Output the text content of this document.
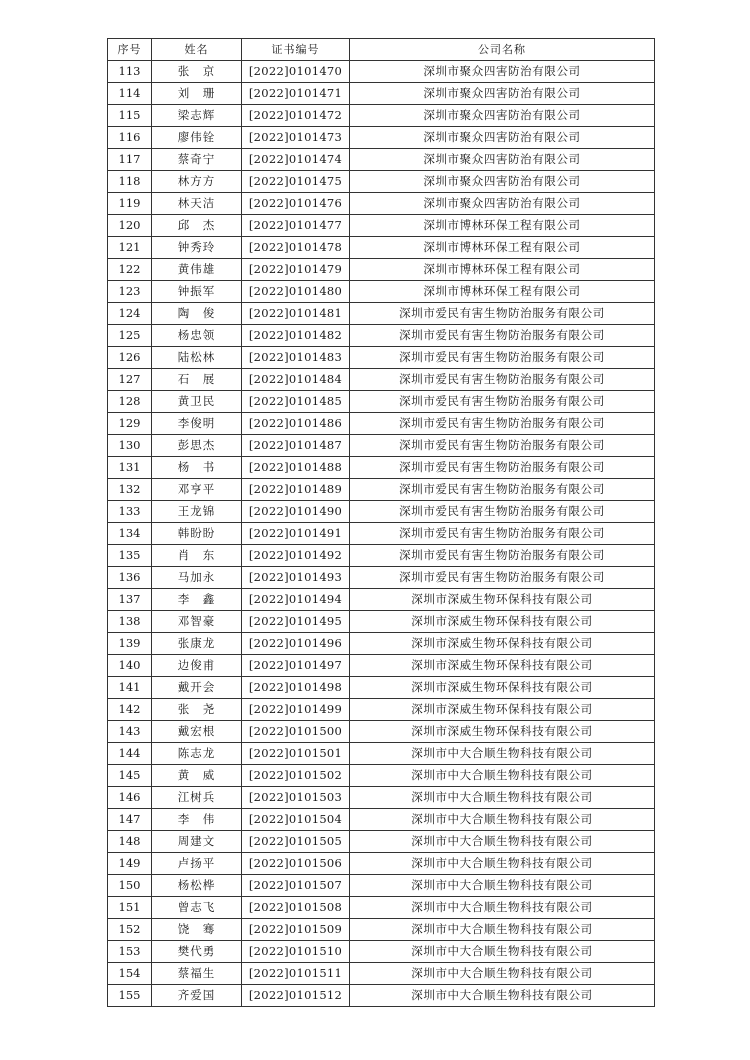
序号	姓名	证书编号	公司名称
113	张　京	[2022]0101470	深圳市聚众四害防治有限公司
114	刘　珊	[2022]0101471	深圳市聚众四害防治有限公司
115	梁志辉	[2022]0101472	深圳市聚众四害防治有限公司
116	廖伟铨	[2022]0101473	深圳市聚众四害防治有限公司
117	蔡奇宁	[2022]0101474	深圳市聚众四害防治有限公司
118	林方方	[2022]0101475	深圳市聚众四害防治有限公司
119	林天洁	[2022]0101476	深圳市聚众四害防治有限公司
120	邱　杰	[2022]0101477	深圳市博林环保工程有限公司
121	钟秀玲	[2022]0101478	深圳市博林环保工程有限公司
122	黄伟雄	[2022]0101479	深圳市博林环保工程有限公司
123	钟振军	[2022]0101480	深圳市博林环保工程有限公司
124	陶　俊	[2022]0101481	深圳市爱民有害生物防治服务有限公司
125	杨忠领	[2022]0101482	深圳市爱民有害生物防治服务有限公司
126	陆松林	[2022]0101483	深圳市爱民有害生物防治服务有限公司
127	石　展	[2022]0101484	深圳市爱民有害生物防治服务有限公司
128	黄卫民	[2022]0101485	深圳市爱民有害生物防治服务有限公司
129	李俊明	[2022]0101486	深圳市爱民有害生物防治服务有限公司
130	彭思杰	[2022]0101487	深圳市爱民有害生物防治服务有限公司
131	杨　书	[2022]0101488	深圳市爱民有害生物防治服务有限公司
132	邓亨平	[2022]0101489	深圳市爱民有害生物防治服务有限公司
133	王龙锦	[2022]0101490	深圳市爱民有害生物防治服务有限公司
134	韩盼盼	[2022]0101491	深圳市爱民有害生物防治服务有限公司
135	肖　东	[2022]0101492	深圳市爱民有害生物防治服务有限公司
136	马加永	[2022]0101493	深圳市爱民有害生物防治服务有限公司
137	李　鑫	[2022]0101494	深圳市深威生物环保科技有限公司
138	邓智豪	[2022]0101495	深圳市深威生物环保科技有限公司
139	张康龙	[2022]0101496	深圳市深威生物环保科技有限公司
140	边俊甫	[2022]0101497	深圳市深威生物环保科技有限公司
141	戴开会	[2022]0101498	深圳市深威生物环保科技有限公司
142	张　尧	[2022]0101499	深圳市深威生物环保科技有限公司
143	戴宏根	[2022]0101500	深圳市深威生物环保科技有限公司
144	陈志龙	[2022]0101501	深圳市中大合顺生物科技有限公司
145	黄　威	[2022]0101502	深圳市中大合顺生物科技有限公司
146	江树兵	[2022]0101503	深圳市中大合顺生物科技有限公司
147	李　伟	[2022]0101504	深圳市中大合顺生物科技有限公司
148	周建文	[2022]0101505	深圳市中大合顺生物科技有限公司
149	卢扬平	[2022]0101506	深圳市中大合顺生物科技有限公司
150	杨松桦	[2022]0101507	深圳市中大合顺生物科技有限公司
151	曾志飞	[2022]0101508	深圳市中大合顺生物科技有限公司
152	饶　骞	[2022]0101509	深圳市中大合顺生物科技有限公司
153	樊代勇	[2022]0101510	深圳市中大合顺生物科技有限公司
154	蔡福生	[2022]0101511	深圳市中大合顺生物科技有限公司
155	齐爱国	[2022]0101512	深圳市中大合顺生物科技有限公司
